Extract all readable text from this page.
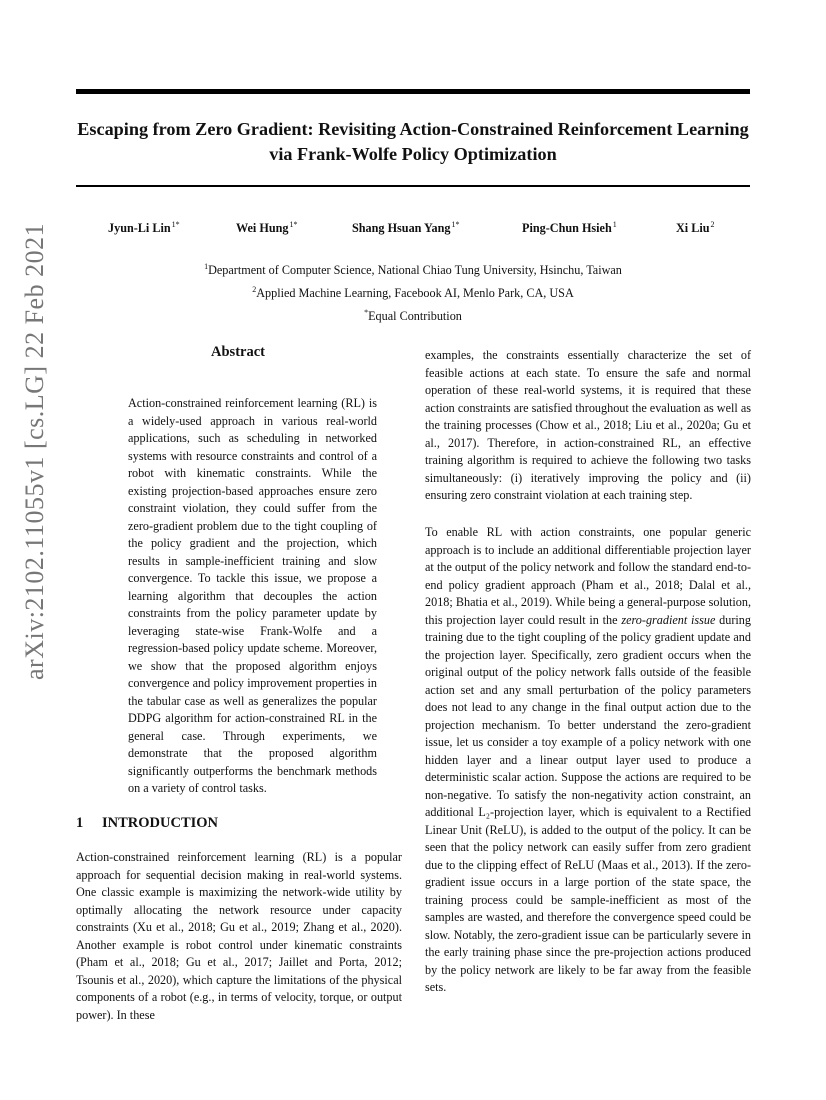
Escaping from Zero Gradient: Revisiting Action-Constrained Reinforcement Learning via Frank-Wolfe Policy Optimization
Jyun-Li Lin$^{1*}$	Wei Hung$^{1*}$	Shang Hsuan Yang$^{1*}$	Ping-Chun Hsieh$^1$	Xi Liu$^2$
$^1$Department of Computer Science, National Chiao Tung University, Hsinchu, Taiwan
$^2$Applied Machine Learning, Facebook AI, Menlo Park, CA, USA
*Equal Contribution
arXiv:2102.11055v1 [cs.LG] 22 Feb 2021	Abstract

Action-constrained reinforcement learning (RL) is a widely-used approach in various real-world applications, such as scheduling in networked systems with resource constraints and control of a robot with kinematic constraints. While the existing projection-based approaches ensure zero constraint violation, they could suffer from the zero-gradient problem due to the tight coupling of the policy gradient and the projection, which results in sample-inefficient training and slow convergence. To tackle this issue, we propose a learning algorithm that decouples the action constraints from the policy parameter update by leveraging state-wise Frank-Wolfe and a regression-based policy update scheme. Moreover, we show that the proposed algorithm enjoys convergence and policy improvement properties in the tabular case as well as generalizes the popular DDPG algorithm for action-constrained RL in the general case. Through experiments, we demonstrate that the proposed algorithm significantly outperforms the benchmark methods on a variety of control tasks.

1 INTRODUCTION

Action-constrained reinforcement learning (RL) is a popular approach for sequential decision making in real-world systems. One classic example is maximizing the network-wide utility by optimally allocating the network resource under capacity constraints (Xu et al., 2018; Gu et al., 2019; Zhang et al., 2020). Another example is robot control under kinematic constraints (Pham et al., 2018; Gu et al., 2017; Jaillet and Porta, 2012; Tsounis et al., 2020), which capture the limitations of the physical components of a robot (e.g., in terms of velocity, torque, or output power). In these

examples, the constraints essentially characterize the set of feasible actions at each state. To ensure the safe and normal operation of these real-world systems, it is required that these action constraints are satisfied throughout the evaluation as well as the training processes (Chow et al., 2018; Liu et al., 2020a; Gu et al., 2017). Therefore, in action-constrained RL, an effective training algorithm is required to achieve the following two tasks simultaneously: (i) iteratively improving the policy and (ii) ensuring zero constraint violation at each training step.

To enable RL with action constraints, one popular generic approach is to include an additional differentiable projection layer at the output of the policy network and follow the standard end-to-end policy gradient approach (Pham et al., 2018; Dalal et al., 2018; Bhatia et al., 2019). While being a general-purpose solution, this projection layer could result in the zero-gradient issue during training due to the tight coupling of the policy gradient update and the projection layer. Specifically, zero gradient occurs when the original output of the policy network falls outside of the feasible action set and any small perturbation of the policy parameters does not lead to any change in the final output action due to the projection mechanism. To better understand the zero-gradient issue, let us consider a toy example of a policy network with one hidden layer and a linear output layer used to produce a deterministic scalar action. Suppose the actions are required to be non-negative. To satisfy the non-negativity action constraint, an additional L₂-projection layer, which is equivalent to a Rectified Linear Unit (ReLU), is added to the output of the policy. It can be seen that the policy network can easily suffer from zero gradient due to the clipping effect of ReLU (Maas et al., 2013). If the zero-gradient issue occurs in a large portion of the state space, the training process could be sample-inefficient as most of the samples are wasted, and therefore the convergence speed could be slow. Notably, the zero-gradient issue can be particularly severe in the early training phase since the pre-projection actions produced by the policy network are likely to be far away from the feasible sets.
